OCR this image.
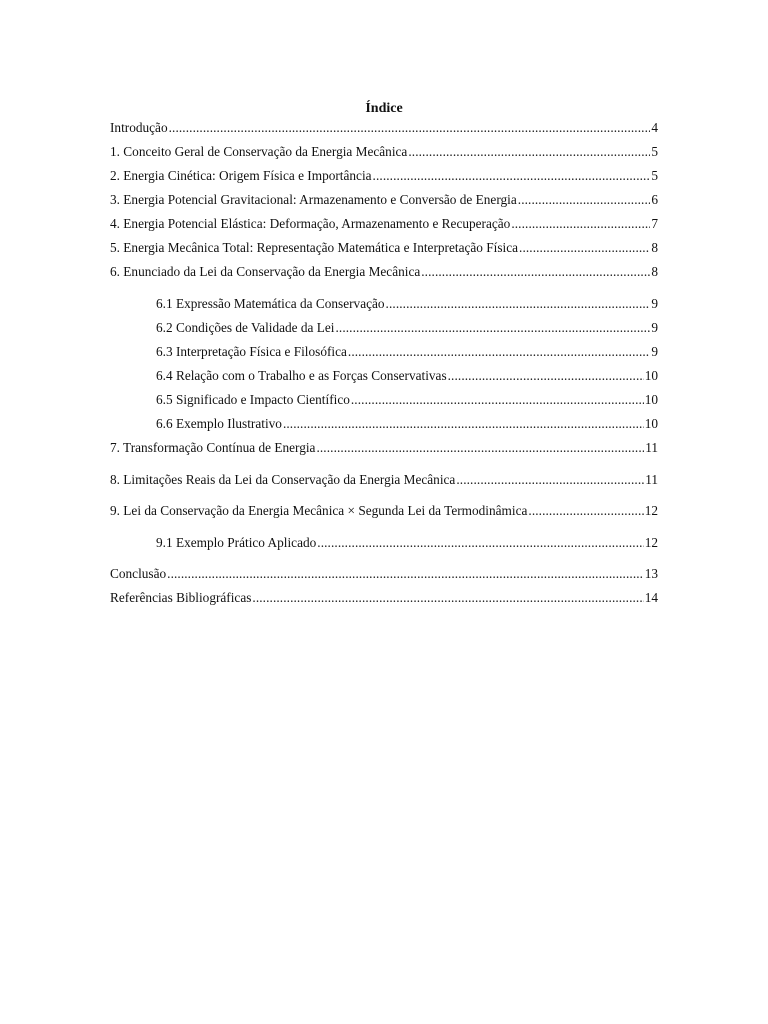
Índice
Introdução .....	4
1. Conceito Geral de Conservação da Energia Mecânica .....	5
2. Energia Cinética: Origem Física e Importância .....	5
3. Energia Potencial Gravitacional: Armazenamento e Conversão de Energia .....	6
4. Energia Potencial Elástica: Deformação, Armazenamento e Recuperação .....	7
5. Energia Mecânica Total: Representação Matemática e Interpretação Física .....	8
6. Enunciado da Lei da Conservação da Energia Mecânica .....	8
6.1 Expressão Matemática da Conservação .....	9
6.2 Condições de Validade da Lei .....	9
6.3 Interpretação Física e Filosófica .....	9
6.4 Relação com o Trabalho e as Forças Conservativas .....	10
6.5 Significado e Impacto Científico .....	10
6.6 Exemplo Ilustrativo .....	10
7. Transformação Contínua de Energia .....	11
8. Limitações Reais da Lei da Conservação da Energia Mecânica .....	11
9. Lei da Conservação da Energia Mecânica × Segunda Lei da Termodinâmica .....	12
9.1 Exemplo Prático Aplicado .....	12
Conclusão .....	13
Referências Bibliográficas .....	14
